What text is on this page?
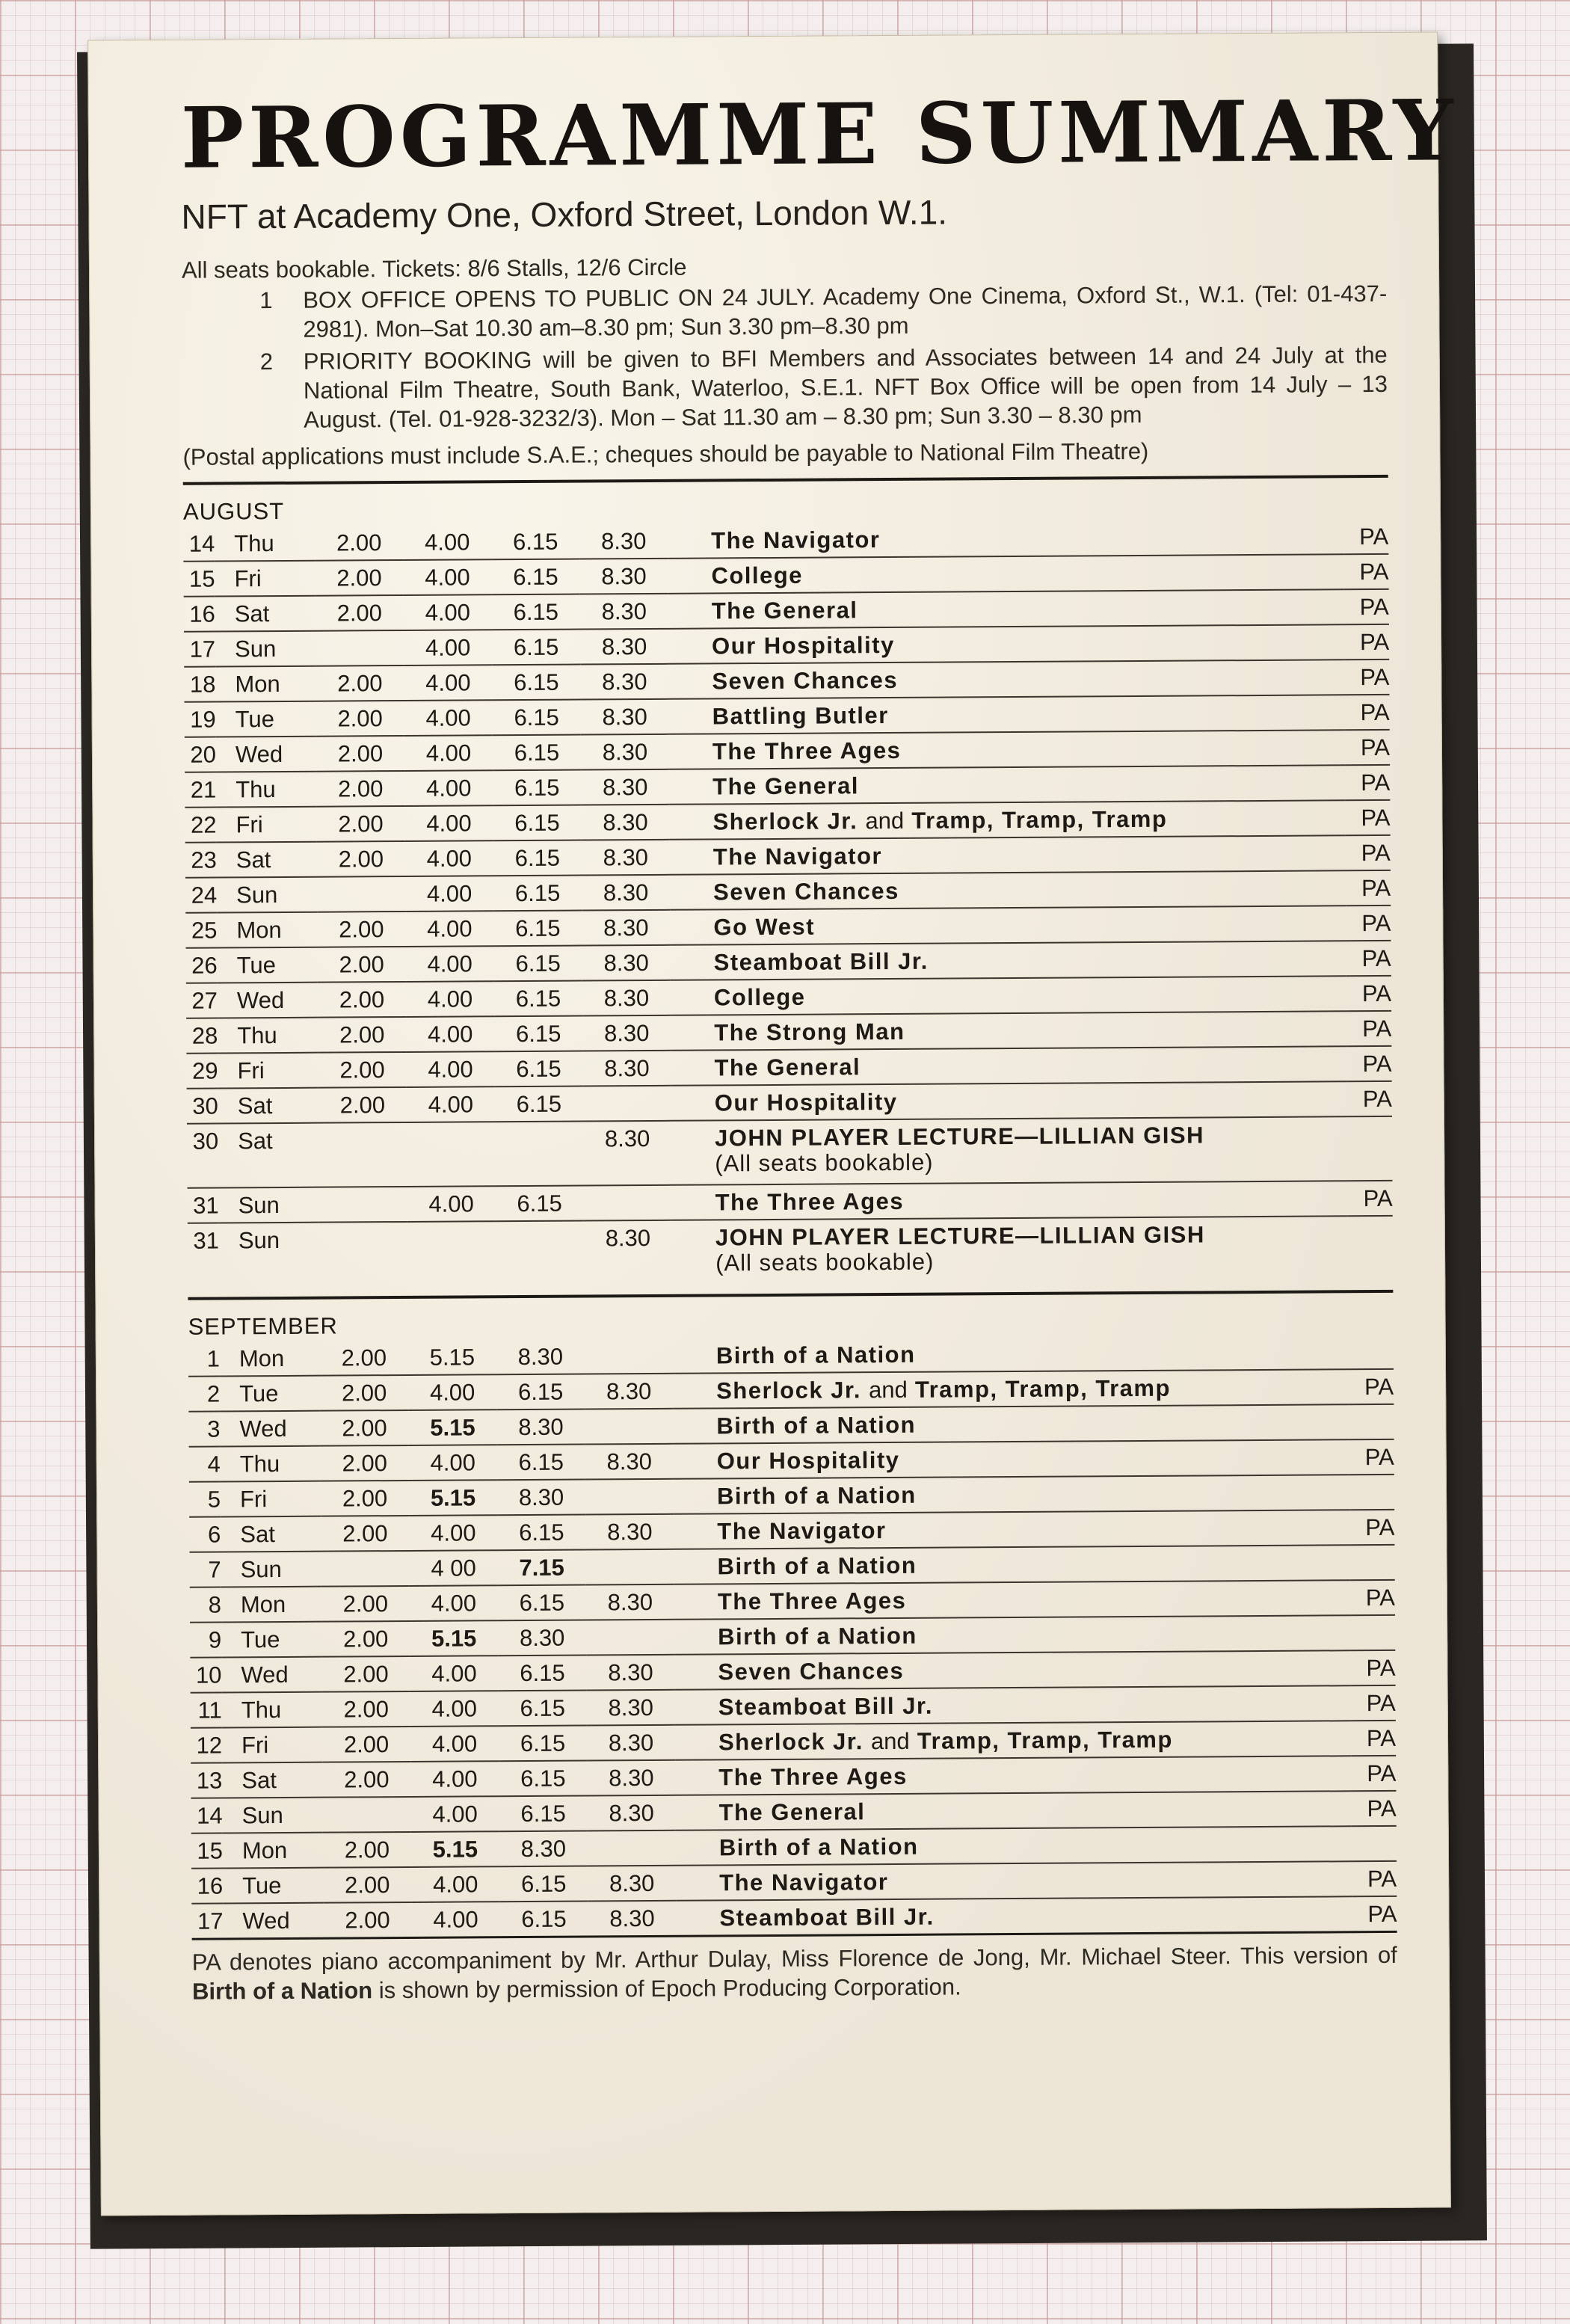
PROGRAMME SUMMARY
NFT at Academy One, Oxford Street, London W.1.
All seats bookable. Tickets: 8/6 Stalls, 12/6 Circle
1 BOX OFFICE OPENS TO PUBLIC ON 24 JULY. Academy One Cinema, Oxford St., W.1. (Tel: 01-437-2981). Mon–Sat 10.30 am–8.30 pm; Sun 3.30 pm–8.30 pm
2 PRIORITY BOOKING will be given to BFI Members and Associates between 14 and 24 July at the National Film Theatre, South Bank, Waterloo, S.E.1. NFT Box Office will be open from 14 July – 13 August. (Tel. 01-928-3232/3). Mon – Sat 11.30 am – 8.30 pm; Sun 3.30 – 8.30 pm
(Postal applications must include S.A.E.; cheques should be payable to National Film Theatre)
AUGUST
14	Thu	2.00	4.00	6.15	8.30	The Navigator	PA
15	Fri	2.00	4.00	6.15	8.30	College	PA
16	Sat	2.00	4.00	6.15	8.30	The General	PA
17	Sun		4.00	6.15	8.30	Our Hospitality	PA
18	Mon	2.00	4.00	6.15	8.30	Seven Chances	PA
19	Tue	2.00	4.00	6.15	8.30	Battling Butler	PA
20	Wed	2.00	4.00	6.15	8.30	The Three Ages	PA
21	Thu	2.00	4.00	6.15	8.30	The General	PA
22	Fri	2.00	4.00	6.15	8.30	Sherlock Jr. and Tramp, Tramp, Tramp	PA
23	Sat	2.00	4.00	6.15	8.30	The Navigator	PA
24	Sun		4.00	6.15	8.30	Seven Chances	PA
25	Mon	2.00	4.00	6.15	8.30	Go West	PA
26	Tue	2.00	4.00	6.15	8.30	Steamboat Bill Jr.	PA
27	Wed	2.00	4.00	6.15	8.30	College	PA
28	Thu	2.00	4.00	6.15	8.30	The Strong Man	PA
29	Fri	2.00	4.00	6.15	8.30	The General	PA
30	Sat	2.00	4.00	6.15		Our Hospitality	PA
30	Sat				8.30	JOHN PLAYER LECTURE—LILLIAN GISH
(All seats bookable)	

31	Sun		4.00	6.15		The Three Ages	PA
31	Sun				8.30	JOHN PLAYER LECTURE—LILLIAN GISH
(All seats bookable)	

SEPTEMBER
1	Mon	2.00	5.15	8.30		Birth of a Nation	
2	Tue	2.00	4.00	6.15	8.30	Sherlock Jr. and Tramp, Tramp, Tramp	PA
3	Wed	2.00	5.15	8.30		Birth of a Nation	
4	Thu	2.00	4.00	6.15	8.30	Our Hospitality	PA
5	Fri	2.00	5.15	8.30		Birth of a Nation	
6	Sat	2.00	4.00	6.15	8.30	The Navigator	PA
7	Sun		4 00	7.15		Birth of a Nation	
8	Mon	2.00	4.00	6.15	8.30	The Three Ages	PA
9	Tue	2.00	5.15	8.30		Birth of a Nation	
10	Wed	2.00	4.00	6.15	8.30	Seven Chances	PA
11	Thu	2.00	4.00	6.15	8.30	Steamboat Bill Jr.	PA
12	Fri	2.00	4.00	6.15	8.30	Sherlock Jr. and Tramp, Tramp, Tramp	PA
13	Sat	2.00	4.00	6.15	8.30	The Three Ages	PA
14	Sun		4.00	6.15	8.30	The General	PA
15	Mon	2.00	5.15	8.30		Birth of a Nation	
16	Tue	2.00	4.00	6.15	8.30	The Navigator	PA
17	Wed	2.00	4.00	6.15	8.30	Steamboat Bill Jr.	PA
PA denotes piano accompaniment by Mr. Arthur Dulay, Miss Florence de Jong, Mr. Michael Steer. This version of Birth of a Nation is shown by permission of Epoch Producing Corporation.
